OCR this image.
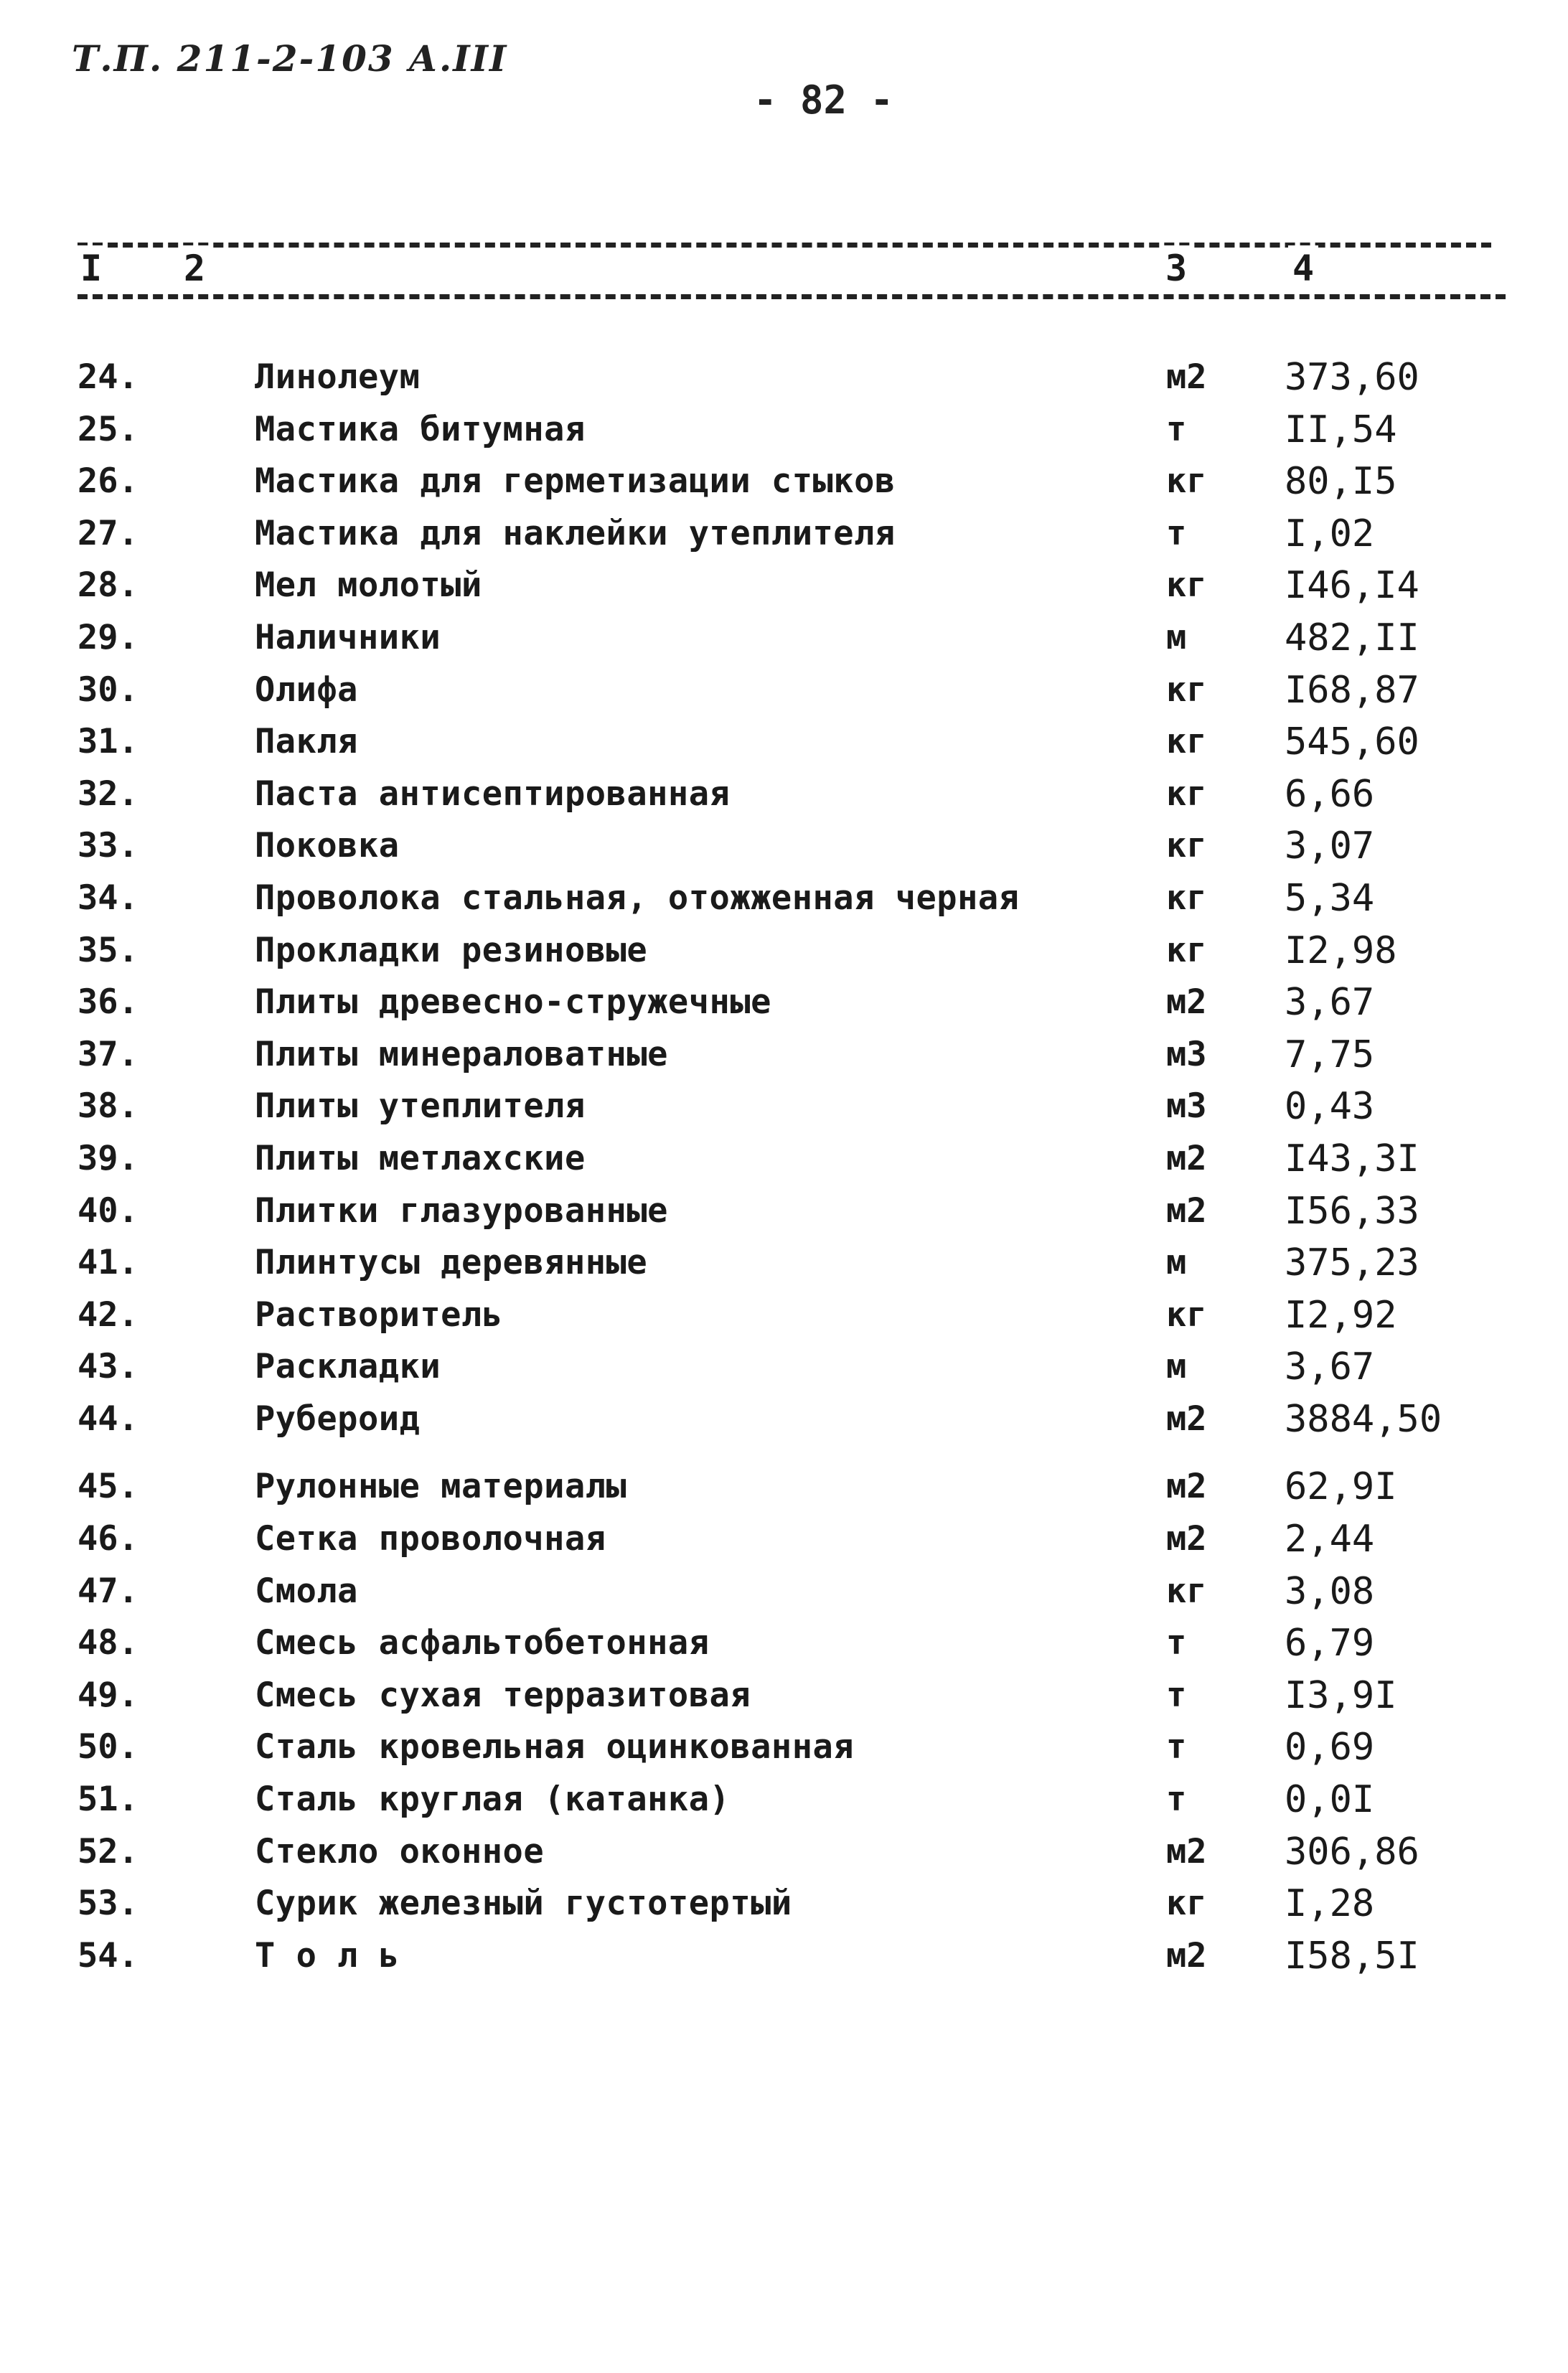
Т.П. 211-2-103 А.III
- 82 -
I 2	3	4
24.	Линолеум	м2 373,60
25.	Мастика битумная	т	II,54
26.	Мастика для герметизации стыков	кг 80,I5
27.	Мастика для наклейки утеплителя	т	I,02
28.	Мел молотый	кг I46,I4
29.	Наличники	м	482,II
30.	Олифа	кг I68,87
31.	Пакля	кг 545,60
32.	Паста антисептированная	кг 6,66
33.	Поковка	кг 3,07
34.	Проволока стальная, отожженная черная	кг 5,34
35.	Прокладки резиновые	кг I2,98
36.	Плиты древесно-стружечные	м2 3,67
37.	Плиты минераловатные	м3 7,75
38.	Плиты утеплителя	м3 0,43
39.	Плиты метлахские	м2 I43,3I
40.	Плитки глазурованные	м2 I56,33
41.	Плинтусы деревянные	м	375,23
42.	Растворитель	кг I2,92
43.	Раскладки	м	3,67
44.	Рубероид	м2 3884,50
45.	Рулонные материалы	м2 62,9I
46.	Сетка проволочная	м2 2,44
47.	Смола	кг 3,08
48.	Смесь асфальтобетонная	т	6,79
49.	Смесь сухая терразитовая	т	I3,9I
50.	Сталь кровельная оцинкованная	т	0,69
51.	Сталь круглая (катанка)	т	0,0I
52.	Стекло оконное	м2 306,86
53.	Сурик железный густотертый	кг I,28
54.	Т о л ь	м2 I58,5I
